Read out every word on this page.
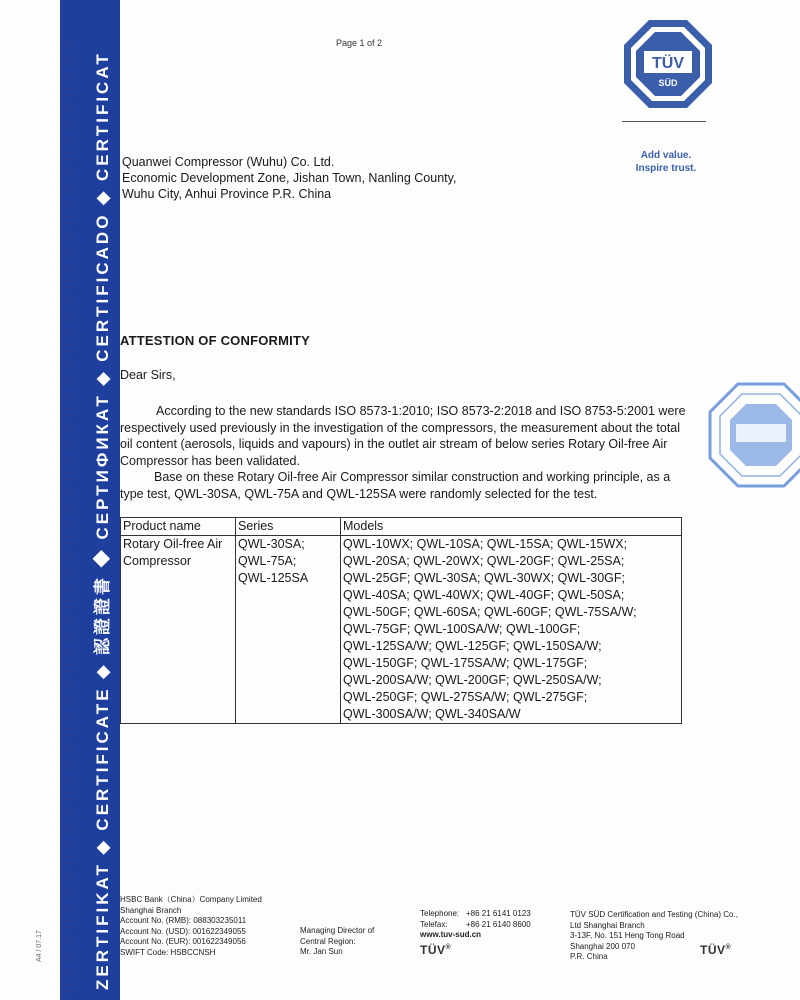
TÜV SÜD TÜV SÜD TÜV SÜD TÜV SÜD TÜV SÜD TÜV SÜD TÜV SÜD TÜV SÜD TÜV SÜD TÜV SÜD TÜV SÜD TÜV SÜD TÜV SÜD TÜV SÜD TÜV SÜD ZERTIFIKAT ◆ CERTIFICATE ◆ 認證證書 ◆ СЕРТИФИКАТ ◆ CERTIFICADO ◆ CERTIFICAT
A4 / 07.17
Page 1 of 2
TÜV
SÜD
Add value.
Inspire trust.
Quanwei Compressor (Wuhu) Co. Ltd.
Economic Development Zone, Jishan Town, Nanling County,
Wuhu City, Anhui Province P.R. China
ATTESTION OF CONFORMITY
Dear Sirs,

According to the new standards ISO 8573-1:2010; ISO 8573-2:2018 and ISO 8753-5:2001 were respectively used previously in the investigation of the compressors, the measurement about the total oil content (aerosols, liquids and vapours) in the outlet air stream of below series Rotary Oil-free Air Compressor has been validated.

Base on these Rotary Oil-free Air Compressor similar construction and working principle, as a type test, QWL-30SA, QWL-75A and QWL-125SA were randomly selected for the test.

Product name	Series	Models
Rotary Oil-free Air Compressor	
QWL-30SA;
QWL-75A;
QWL-125SA

QWL-10WX; QWL-10SA; QWL-15SA; QWL-15WX;
QWL-20SA; QWL-20WX; QWL-20GF; QWL-25SA;
QWL-25GF; QWL-30SA; QWL-30WX; QWL-30GF;
QWL-40SA; QWL-40WX; QWL-40GF; QWL-50SA;
QWL-50GF; QWL-60SA; QWL-60GF; QWL-75SA/W;
QWL-75GF; QWL-100SA/W; QWL-100GF;
QWL-125SA/W; QWL-125GF; QWL-150SA/W;
QWL-150GF; QWL-175SA/W; QWL-175GF;
QWL-200SA/W; QWL-200GF; QWL-250SA/W;
QWL-250GF; QWL-275SA/W; QWL-275GF;
QWL-300SA/W; QWL-340SA/W
HSBC Bank（China）Company Limited
Shanghai Branch
Account No. (RMB): 088303235011
Account No. (USD): 001622349055
Account No. (EUR): 001622349056
SWIFT Code: HSBCCNSH
Managing Director of
Central Region:
Mr. Jan Sun
Telephone: +86 21 6141 0123
Telefax:	+86 21 6140 8600
www.tuv-sud.cn
TÜV®
TÜV SÜD Certification and Testing (China) Co.,
Ltd Shanghai Branch
3-13F, No. 151 Heng Tong Road
Shanghai 200 070
P.R. China	TÜV®
